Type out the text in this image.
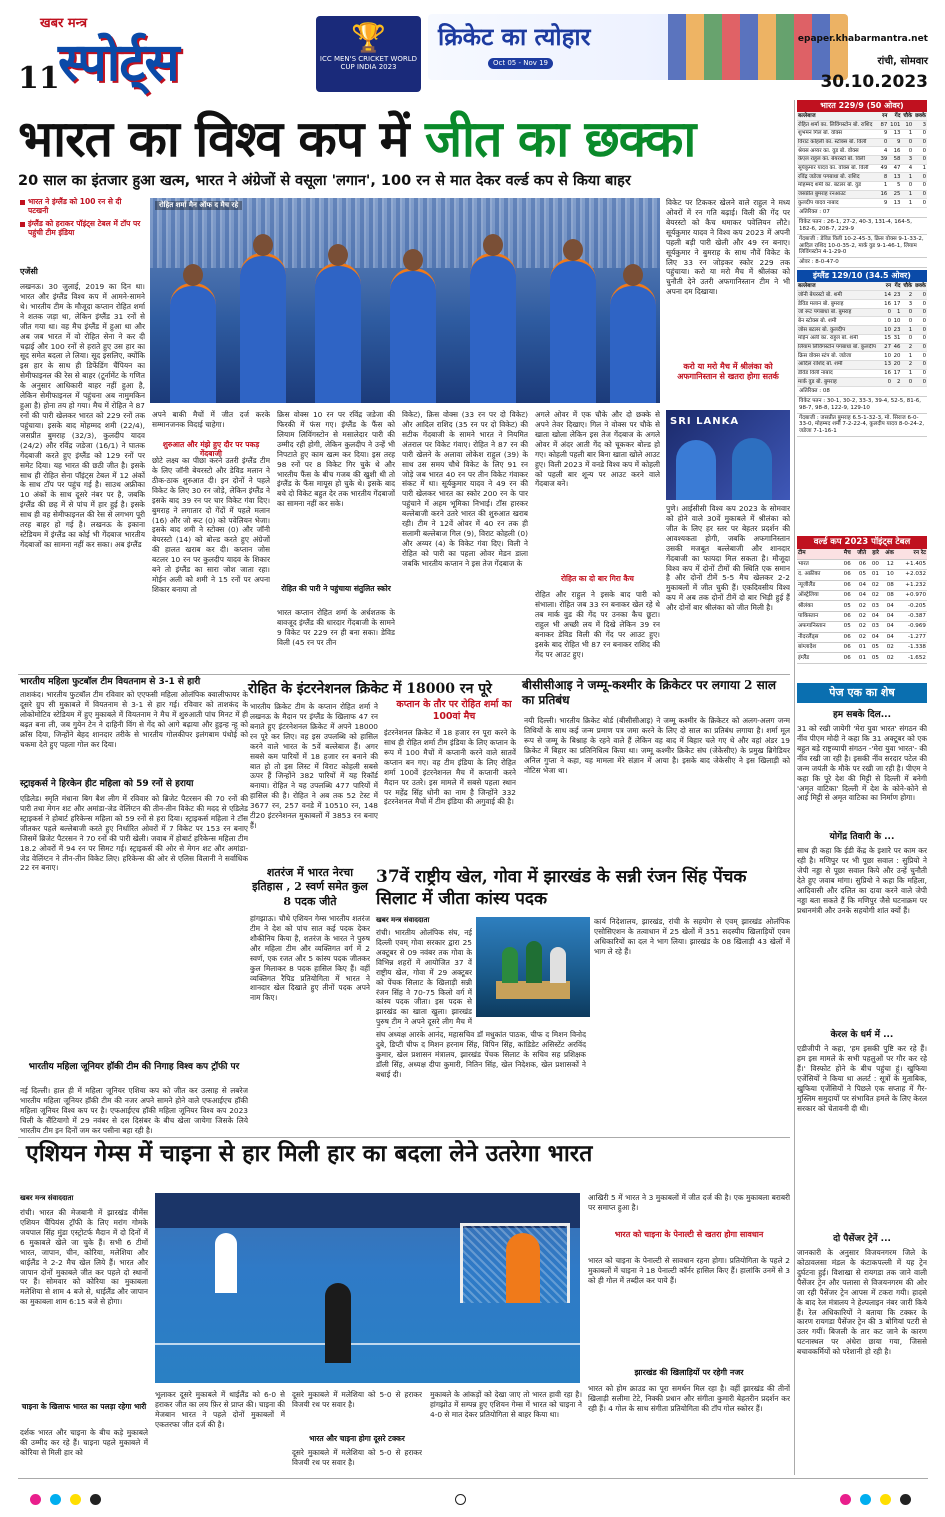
खबर मन्त्र
11
स्पोर्ट्स	🏆
ICC MEN'S CRICKET WORLD CUP INDIA 2023
क्रिकेट का त्योहार
Oct 05 - Nov 19
epaper.khabarmantra.net
रांची, सोमवार
30.10.2023
भारत का विश्व कप में जीत का छक्का
20 साल का इंतजार हुआ खत्म, भारत ने अंग्रेजों से वसूला 'लगान', 100 रन से मात देकर वर्ल्ड कप से किया बाहर
भारत ने इंग्लैंड को 100 रन से दी पटखनी
इंग्लैंड को हराकर पॉइंट्स टेबल में टॉप पर पहुंची टीम इंडिया
एजेंसी
लखनऊ। 30 जुलाई, 2019 का दिन था। भारत और इंग्लैंड विश्व कप में आमने-सामने थे। भारतीय टीम के मौजूदा कप्तान रोहित शर्मा ने शतक जड़ा था, लेकिन इंग्लैंड 31 रनों से जीत गया था। वह मैच इंग्लैंड में हुआ था और अब जब भारत में वो रोहित सेना ने कर दी चढ़ाई और 100 रनों से हराते हुए उस हार का सूद समेत बदला ले लिया। सूद इसलिए, क्योंकि इस हार के साथ ही डिफेंडिंग चैंपियन का सेमीफाइनल की रेस से बाहर (टूर्नामेंट के गणित के अनुसार आधिकारी बाहर नहीं हुआ है, लेकिन सेमीफाइनल में पहुंचना अब नामुमकिन हुआ है) होना तय हो गया। मैच में रोहित ने 87 रनों की पारी खेलकर भारत को 229 रनों तक पहुंचाया। इसके बाद मोहम्मद शमी (22/4), जसप्रीत बुमराह (32/3), कुलदीप यादव (24/2) और रविंद्र जडेजा (16/1) ने घातक गेंदबाजी करते हुए इंग्लैंड को 129 रनों पर समेट दिया। यह भारत की छठी जीत है। इसके साथ ही रोहित सेना पॉइंट्स टेबल में 12 अंकों के साथ टॉप पर पहुंच गई है। साउथ अफ्रीका 10 अंकों के साथ दूसरे नंबर पर है, जबकि इंग्लैंड की छह में से पांच में हार हुई है। इसके साथ ही वह सेमीफाइनल की रेस से लगभग पूरी तरह बाहर हो गई है। लखनऊ के इकाना स्टेडियम में इंग्लैंड का कोई भी गेंदबाज भारतीय गेंदबाजों का सामना नहीं कर सका। अब इंग्लैंड
रोहित शर्मा मैन ऑफ द मैच रहे
अपने बाकी मैचों में जीत दर्ज करके सम्मानजनक विदाई चाहेगा।
शुरुआत और मंझे हुए दौर पर पकड़ गेंदबाजी
छोटे लक्ष्य का पीछा करने उतरी इंग्लैंड टीम के लिए जॉनी बेयरस्टो और डेविड मलान ने ठीक-ठाक शुरुआत दी। इन दोनों ने पहले विकेट के लिए 30 रन जोड़े, लेकिन इंग्लैंड ने इसके बाद 39 रन पर चार विकेट गंवा दिए। बुमराह ने लगातार दो गेंदों में पहले मलान (16) और जो रूट (0) को पवेलियन भेजा। इसके बाद शमी ने स्टोक्स (0) और जॉनी बेयरस्टो (14) को बोल्ड करते हुए अंग्रेजों की हालत खराब कर दी। कप्तान जोस बटलर 10 रन पर कुलदीप यादव के शिकार बने तो इंग्लैंड का सारा जोश जाता रहा। मोईन अली को शमी ने 15 रनों पर अपना शिकार बनाया तो
क्रिस वोक्स 10 रन पर रविंद्र जडेजा की फिरकी में फंस गए। इंग्लैंड के फैंस को लियाम लिविंगस्टोन से मसालेदार पारी की उम्मीद रही होगी, लेकिन कुलदीप ने उन्हें भी निपटाते हुए काम खत्म कर दिया। इस तरह 98 रनों पर 8 विकेट गिर चुके थे और भारतीय फैंस के बीच गजब की खुशी थी तो इंग्लैंड के फैंस मायूस हो चुके थे। इसके बाद बचे दो विकेट बहुत देर तक भारतीय गेंदबाजों का सामना नहीं कर सके।
रोहित की पारी ने पहुंचाया संतुलित स्कोर
भारत कप्तान रोहित शर्मा के अर्धशतक के बावजूद इंग्लैंड की धारदार गेंदबाजी के सामने 9 विकेट पर 229 रन ही बना सका। डेविड विली (45 रन पर तीन
विकेट), क्रिस वोक्स (33 रन पर दो विकेट) और आदिल राशिद (35 रन पर दो विकेट) की सटीक गेंदबाजी के सामने भारत ने नियमित अंतराल पर विकेट गंवाए। रोहित ने 87 रन की पारी खेलने के अलावा लोकेश राहुल (39) के साथ उस समय चौथे विकेट के लिए 91 रन जोड़े जब भारत 40 रन पर तीन विकेट गंवाकर संकट में था। सूर्यकुमार यादव ने 49 रन की पारी खेलकर भारत का स्कोर 200 रन के पार पहुंचाने में अहम भूमिका निभाई। टॉस हारकर बल्लेबाजी करने उतरे भारत की शुरुआत खराब रही। टीम ने 12वें ओवर में 40 रन तक ही सलामी बल्लेबाज गिल (9), विराट कोहली (0) और अय्यर (4) के विकेट गंवा दिए। विली ने रोहित को पारी का पहला ओवर मेडन डाला जबकि भारतीय कप्तान ने इस तेज गेंदबाज के
अगले ओवर में एक चौके और दो छक्के से अपने तेवर दिखाए। गिल ने वोक्स पर चौके से खाता खोला लेकिन इस तेज गेंदबाज के अगले ओवर में अंदर आती गेंद को चूककर बोल्ड हो गए। कोहली पहली बार बिना खाता खोले आउट हुए। विली 2023 में वनडे विश्व कप में कोहली को पहली बार शून्य पर आउट करने वाले गेंदबाज बने।
रोहित का दो बार गिरा कैच
रोहित और राहुल ने इसके बाद पारी को संभाला। रोहित जब 33 रन बनाकर खेल रहे थे तब मार्क वुड की गेंद पर उनका कैच छूटा। राहुल भी अच्छी लय में दिखे लेकिन 39 रन बनाकर डेविड विली की गेंद पर आउट हुए। इसके बाद रोहित भी 87 रन बनाकर राशिद की गेंद पर आउट हुए।
विकेट पर टिककर खेलने वाले राहुल ने मध्य ओवरों में रन गति बढ़ाई। विली की गेंद पर बेयरस्टो को कैच थमाकर पवेलियन लौटे। सूर्यकुमार यादव ने विश्व कप 2023 में अपनी पहली बड़ी पारी खेली और 49 रन बनाए। सूर्यकुमार ने बुमराह के साथ नौवें विकेट के लिए 33 रन जोड़कर स्कोर 229 तक पहुंचाया। करो या मरो मैच में श्रीलंका को चुनौती देने उतरी अफगानिस्तान टीम ने भी अपना दम दिखाया।
करो या मरो मैच में श्रीलंका को अफगानिस्तान से खतरा होगा सतर्क
SRI LANKA
पुणे। आईसीसी विश्व कप 2023 के सोमवार को होने वाले 30वें मुकाबले में श्रीलंका को जीत के लिए हर स्तर पर बेहतर प्रदर्शन की आवश्यकता होगी, जबकि अफगानिस्तान उसकी मजबूत बल्लेबाजी और शानदार गेंदबाजी का फायदा मिल सकता है। मौजूदा विश्व कप में दोनों टीमों की स्थिति एक समान है और दोनों टीमें 5-5 मैच खेलकर 2-2 मुकाबलों में जीत चुकी हैं। एकदिवसीय विश्व कप में अब तक दोनों टीमें दो बार भिड़ी हुई हैं और दोनों बार श्रीलंका को जीत मिली है।
भारत 229/9 (50 ओवर)
बल्लेबाज	रन	गेंद	चौके	छक्के
रोहित शर्मा का. लिविंगस्टोन बो. राशिद	87	101	10	3
शुभमन गिल बो. वोक्स	9	13	1	0
विराट कोहली का. स्टोक्स बो. विली	0	9	0	0
श्रेयस अय्यर का. वुड बो. वोक्स	4	16	0	0
केएल राहुल का. बेयरस्टो बो. विली	39	58	3	0
सूर्यकुमार यादव का. वोक्स बो. विली	49	47	4	1
रविंद्र जडेजा पगबाधा बो. राशिद	8	13	1	0
मोहम्मद शमी का. बटलर बो. वुड	1	5	0	0
जसप्रीत बुमराह रनआउट	16	25	1	0
कुलदीप यादव नाबाद	9	13	1	0
अतिरिक्त : 07
विकेट पतन : 26-1, 27-2, 40-3, 131-4, 164-5, 182-6, 208-7, 229-9
गेंदबाजी : डेविड विली 10-2-45-3, क्रिस वोक्स 9-1-33-2, आदिल राशिद 10-0-35-2, मार्क वुड 9-1-46-1, लियाम लिविंगस्टोन 4-1-29-0
ओवर : 8-0-47-0
इंग्लैंड 129/10 (34.5 ओवर)
बल्लेबाज	रन	गेंद	चौके	छक्के
जॉनी बेयरस्टो बो. शमी	14	23	2	0
डेविड मलान बो. बुमराह	16	17	3	0
जो रूट पगबाधा बो. बुमराह	0	1	0	0
बेन स्टोक्स बो. शमी	0	10	0	0
जोस बटलर बो. कुलदीप	10	23	1	0
मोईन अली का. राहुल बो. शमी	15	31	0	0
लियाम लिविंगस्टोन पगबाधा बो. कुलदीप	27	46	2	0
क्रिस वोक्स स्टंप बो. जडेजा	10	20	1	0
आदिल राशिद बो. शमी	13	20	2	0
डेविड विली नाबाद	16	17	1	0
मार्क वुड बो. बुमराह	0	2	0	0
अतिरिक्त : 08
विकेट पतन : 30-1, 30-2, 33-3, 39-4, 52-5, 81-6, 98-7, 98-8, 122-9, 129-10
गेंदबाजी : जसप्रीत बुमराह 6.5-1-32-3, मो. सिराज 6-0-33-0, मोहम्मद शमी 7-2-22-4, कुलदीप यादव 8-0-24-2, जडेजा 7-1-16-1
वर्ल्ड कप 2023 पॉइंट्स टेबल
टीम	मैच	जीते	हारे	अंक	रन रेट
भारत	06	06	00	12	+1.405
द. अफ्रीका	06	05	01	10	+2.032
न्यूजीलैंड	06	04	02	08	+1.232
ऑस्ट्रेलिया	06	04	02	08	+0.970
श्रीलंका	05	02	03	04	-0.205
पाकिस्तान	06	02	04	04	-0.387
अफगानिस्तान	05	02	03	04	-0.969
नीदरलैंड्स	06	02	04	04	-1.277
बांग्लादेश	06	01	05	02	-1.338
इंग्लैंड	06	01	05	02	-1.652
रोहित के इंटरनेशनल क्रिकेट में 18000 रन पूरे
भारतीय क्रिकेट टीम के कप्तान रोहित शर्मा ने लखनऊ के मैदान पर इंग्लैंड के खिलाफ 47 रन बनाते हुए इंटरनेशनल क्रिकेट में अपने 18000 रन पूरे कर लिए। वह इस उपलब्धि को हासिल करने वाले भारत के 5वें बल्लेबाज हैं। अगर सबसे कम पारियों में 18 हजार रन बनाने की बात हो तो इस लिस्ट में विराट कोहली सबसे ऊपर हैं जिन्होंने 382 पारियों में यह रिकॉर्ड बनाया। रोहित ने यह उपलब्धि 477 पारियों में हासिल की है। रोहित ने अब तक 52 टेस्ट में 3677 रन, 257 वनडे में 10510 रन, 148 टी20 इंटरनेशनल मुकाबलों में 3853 रन बनाए हैं।
कप्तान के तौर पर रोहित शर्मा का 100वां मैच
इंटरनेशनल क्रिकेट में 18 हजार रन पूरा करने के साथ ही रोहित शर्मा टीम इंडिया के लिए कप्तान के रूप में 100 मैचों में कप्तानी करने वाले सातवें कप्तान बन गए। वह टीम इंडिया के लिए रोहित शर्मा 100वें इंटरनेशनल मैच में कप्तानी करने मैदान पर उतरे। इस मामले में सबसे पहला स्थान पर महेंद्र सिंह धोनी का नाम है जिन्होंने 332 इंटरनेशनल मैचों में टीम इंडिया की अगुवाई की है।
बीसीसीआइ ने जम्मू-कश्मीर के क्रिकेटर पर लगाया 2 साल का प्रतिबंध
नयी दिल्ली। भारतीय क्रिकेट बोर्ड (बीसीसीआइ) ने जम्मू कश्मीर के क्रिकेटर को अलग-अलग जन्म तिथियों के साथ कई जन्म प्रमाण पत्र जमा करने के लिए दो साल का प्रतिबंध लगाया है। शर्मा मूल रूप से जम्मू के बिश्नाह के रहने वाले हैं लेकिन वह बाद में बिहार चले गए थे और वहां अंडर 19 क्रिकेट में बिहार का प्रतिनिधित्व किया था। जम्मू कश्मीर क्रिकेट संघ (जेकेसीए) के प्रमुख ब्रिगेडियर अनिल गुप्ता ने कहा, यह मामला मेरे संज्ञान में आया है। इसके बाद जेकेसीए ने इस खिलाड़ी को नोटिस भेजा था।
भारतीय महिला फुटबॉल टीम वियतनाम से 3-1 से हारी
ताशकंद। भारतीय फुटबॉल टीम रविवार को एएफसी महिला ओलंपिक क्वालीफायर के दूसरे ग्रुप सी मुकाबले में वियतनाम से 3-1 से हार गई। रविवार को ताशकंद के लोकोमोटिव स्टेडियम में हुए मुकाबले में वियतनाम ने मैच में शुरुआती पांच मिनट में ही बढ़त बना ली, जब गुयेन टेन ने दाहिनी विंग से गेंद को आगे बढ़ाया और हुइन्ह न्हू को क्रॉस दिया, जिन्होंने बेहद शानदार तरीके से भारतीय गोलकीपर इलंगबाम पंथोई को चकमा देते हुए पहला गोल कर दिया।
स्ट्राइकर्स ने हिरकेन हीट महिला को 59 रनों से हराया
एडिलेड। स्मृति मंधाना बिग बैश लीग में रविवार को ब्रिजेट पैटरसन की 70 रनों की पारी तथा मेगन शट और अमांडा-जेड वेलिंग्टन की तीन-तीन विकेट की मदद से एडिलेड स्ट्राइकर्स ने होबार्ट हरिकेन्स महिला को 59 रनों से हरा दिया। स्ट्राइकर्स महिला ने टॉस जीतकर पहले बल्लेबाजी करते हुए निर्धारित ओवरों में 7 विकेट पर 153 रन बनाए जिसमें ब्रिजेट पैटरसन ने 70 रनों की पारी खेली। जवाब में होबार्ट हरिकेन्स महिला टीम 18.2 ओवरों में 94 रन पर सिमट गई। स्ट्राइकर्स की ओर से मेगन शट और अमांडा-जेड वेलिंग्टन ने तीन-तीन विकेट लिए। हरिकेन्स की ओर से एलिस विलानी ने सर्वाधिक 22 रन बनाए।
भारतीय महिला जूनियर हॉकी टीम की निगाह विश्व कप ट्रॉफी पर
नई दिल्ली। हाल ही में महिला जूनियर एशिया कप को जीत कर उत्साह से लबरेज भारतीय महिला जूनियर हॉकी टीम की नजर अपने सामने होने वाले एफआईएच हॉकी महिला जूनियर विश्व कप पर है। एफआईएच हॉकी महिला जूनियर विश्व कप 2023 चिली के सैंटियागो में 29 नवंबर से दस दिसंबर के बीच खेला जायेगा जिसके लिये भारतीय टीम इन दिनों जम कर पसीना बहा रही है।
शतरंज में भारत नेरचा इतिहास , 2 स्वर्ण समेत कुल 8 पदक जीते
हांगझाऊ। चौथे एशियन गेम्स भारतीय शतरंज टीम ने देश को पांच सात कई पदक देकर शौकीनिय किया है, शतरंज के भारत ने पुरुष और महिला टीम और व्यक्तिगत वर्ग में 2 स्वर्ण, एक रजत और 5 कांस्य पदक जीतकर कुल मिलाकर 8 पदक हासिल किए हैं। वहीं व्यक्तिगत रैपिड प्रतियोगिता में भारत ने शानदार खेल दिखाते हुए तीनों पदक अपने नाम किए।
37वें राष्ट्रीय खेल, गोवा में झारखंड के सन्नी रंजन सिंह पेंचक सिलाट में जीता कांस्य पदक
खबर मन्त्र संवाददाता
रांची। भारतीय ओलंपिक संघ, नई दिल्ली एवम् गोवा सरकार द्वारा 25 अक्टूबर से 09 नवंबर तक गोवा के विभिन्न शहरों में आयोजित 37 वें राष्ट्रीय खेल, गोवा में 29 अक्टूबर को पेंचक सिलाट के खिलाड़ी सन्नी रंजन सिंह ने 70-75 किलो वर्ग में कांस्य पदक जीता। इस पदक से झारखंड का खाता खुला। झारखंड पुरुष टीम ने अपने दूसरे लीग मैच में
संघ अध्यक्ष आरके आनंद, महासचिव डॉ मधुकांत पाठक, चीफ द मिशन विनोद दुबे, डिप्टी चीफ द मिशन हरनाम सिंह, विपिन सिंह, कांडिडेट असिस्टेंट अरविंद कुमार, खेल प्रशासन मंत्रालय, झारखंड पेंचक सिलाट के सचिव सह प्रशिक्षक डॉली सिंह, अध्यक्ष दीपा कुमारी, नितिन सिंह, खेल निदेशक, खेल प्रशासकों ने बधाई दी।
कार्य निदेशालय, झारखंड, रांची के सहयोग से एवम् झारखंड ओलंपिक एसोसिएशन के तत्वाधान में 25 खेलों में 351 सदस्यीय खिलाड़ियों एवम अधिकारियों का दल ने भाग लिया। झारखंड के 08 खिलाड़ी 43 खेलों में भाग ले रहे हैं।
पेज एक का शेष
हम सबके दिल...
31 को रखी जायेगी 'मेरा युवा भारत' संगठन की नींव पीएम मोदी ने कहा कि 31 अक्टूबर को एक बहुत बड़े राष्ट्रव्यापी संगठन -'मेरा युवा भारत'- की नींव रखी जा रही है। इसकी नींव सरदार पटेल की जन्म जयंती के मौके पर रखी जा रही है। पीएम ने कहा कि पूरे देश की मिट्टी से दिल्ली में बनेगी 'अमृत वाटिका' दिल्ली में देश के कोने-कोने से आई मिट्टी से अमृत वाटिका का निर्माण होगा।
योगेंद्र तिवारी के ...
साथ ही कहा कि ईडी केंद्र के इशारे पर काम कर रही है। मणिपुर पर भी पूछा सवाल : सुप्रियो ने जेपी नड्डा से पूछा सवाल किये और उन्हें चुनौती देते हुए जवाब मांगा। सुप्रियो ने कहा कि महिला, आदिवासी और दलित का दावा करने वाले जेपी नड्डा बता सकते हैं कि मणिपुर जैसे घटनाक्रम पर प्रधानमंत्री और उनके सहयोगी शांत क्यों हैं।
केरल के धर्म में ...
एडीजीपी ने कहा, 'हम इसकी पुष्टि कर रहे हैं। हम इस मामले के सभी पहलुओं पर गौर कर रहे हैं।' विस्फोट होने के बीच पहुंचा हूं। खुफिया एजेंसियों ने किया था अलर्ट : सूत्रों के मुताबिक, खुफिया एजेंसियों ने पिछले एक सप्ताह में गैर-मुस्लिम समुदायों पर संभावित हमले के लिए केरल सरकार को चेतावनी दी थी।
दो पैसेंजर ट्रेनें ...
जानकारी के अनुसार विजयनगरम जिले के कोठावलसा मंडल के कंटाकपल्ली में यह ट्रेन दुर्घटना हुई। विशाखा से रायगडा तक जाने वाली पैसेंजर ट्रेन और पलासा से विजयनगरम की ओर जा रही पैसेंजर ट्रेन आपस में टकरा गयी। हादसे के बाद रेल मंत्रालय ने हेल्पलाइन नंबर जारी किये हैं। रेल अधिकारियों ने बताया कि टक्कर के कारण रायगडा पैसेंजर ट्रेन की 3 बोगियां पटरी से उतर गयीं। बिजली के तार कट जाने के कारण घटनास्थल पर अंधेरा छाया गया, जिससे बचावकर्मियों को परेशानी हो रही है।
एशियन गेम्स में चाइना से हार मिली हार का बदला लेने उतरेगा भारत
खबर मन्त्र संवाददाता
रांची। भारत की मेजबानी में झारखंड वीमेंस एशियन चैंपियंस ट्रॉफी के लिए मरांग गोमके जयपाल सिंह मुंडा एस्ट्रोटर्फ मैदान में दो दिनों में 6 मुकाबले खेले जा चुके हैं। सभी 6 टीमों भारत, जापान, चीन, कोरिया, मलेशिया और थाईलैंड ने 2-2 मैच खेल लिये हैं। भारत और जापान दोनों मुकाबले जीत कर पहले दो स्थानों पर हैं। सोमवार को कोरिया का मुकाबला मलेशिया से शाम 4 बजे से, थाईलैंड और जापान का मुकाबला शाम 6:15 बजे से होगा।
चाइना के खिलाफ भारत का पलड़ा रहेगा भारी
दर्शक भारत और चाइना के बीच कड़े मुकाबले की उम्मीद कर रहे हैं। चाइना पहले मुकाबले में कोरिया से मिली हार को
भूलाकर दूसरे मुकाबले में थाईलैंड को 6-0 से हराकर जीत का लय फ़िर से प्राप्त की। चाइना की मेजबान भारत ने पहले दोनों मुकाबलों में एकतरफा जीत दर्ज की है।
दूसरे मुकाबले में मलेशिया को 5-0 से हराकर विजयी रथ पर सवार है।
भारत और चाइना होगा दूसरे टक्कर
दूसरे मुकाबले में मलेशिया को 5-0 से हराकर विजयी रथ पर सवार है।
मुकाबले के आंकड़ों को देखा जाए तो भारत हावी रहा है। हांगझोउ में सम्पन्न हुए एशियन गेम्स में भारत को चाइना ने 4-0 से मात देकर प्रतियोगिता से बाहर किया था।
आखिरी 5 में भारत ने 3 मुकाबलों में जीत दर्ज की है। एक मुकाबला बराबरी पर समाप्त हुआ है।
भारत को चाइना के पेनाल्टी से खतरा होगा सावधान
भारत को चाइना के पेनाल्टी से सावधान रहना होगा। प्रतियोगिता के पहले 2 मुकाबलों में चाइना ने 18 पेनाल्टी कॉर्नर हासिल किए हैं। हालांकि उनमें से 3 को ही गोल में तब्दील कर पाये हैं।
झारखंड की खिलाड़ियों पर रहेगी नजर
भारत को होम क्राउड का पूरा समर्थन मिल रहा है। वहीं झारखंड की तीनों खिलाड़ी सलीमा टेटे, निक्की प्रधान और संगीता कुमारी बेहतरीन प्रदर्शन कर रही हैं। 4 गोल के साथ संगीता प्रतियोगिता की टॉप गोल स्कोरर हैं।
